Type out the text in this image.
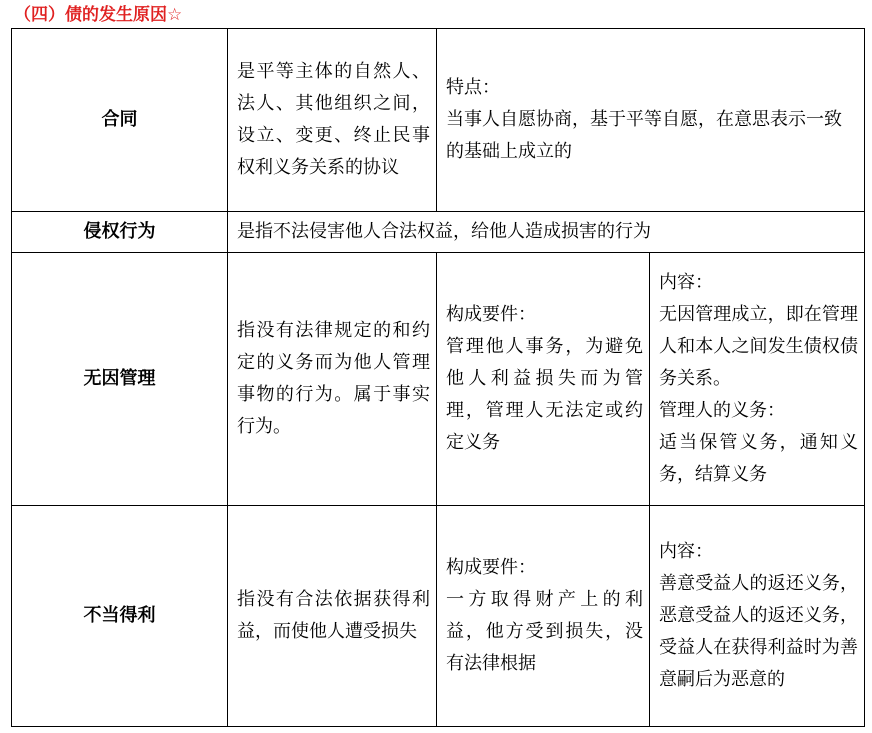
（四）债的发生原因☆
合同	是平等主体的自然人、法人、其他组织之间，设立、变更、终止民事权利义务关系的协议	特点：
当事人自愿协商，基于平等自愿，在意思表示一致的基础上成立的	

侵权行为	是指不法侵害他人合法权益，给他人造成损害的行为		
无因管理	指没有法律规定的和约定的义务而为他人管理事物的行为。属于事实行为。	构成要件：
管理他人事务，为避免他人利益损失而为管理，管理人无法定或约定义务	内容：
无因管理成立，即在管理人和本人之间发生债权债务关系。
管理人的义务：
适当保管义务，通知义务，结算义务

不当得利	指没有合法依据获得利益，而使他人遭受损失	构成要件：
一方取得财产上的利益，他方受到损失，没有法律根据	内容：
善意受益人的返还义务，恶意受益人的返还义务，受益人在获得利益时为善意嗣后为恶意的
